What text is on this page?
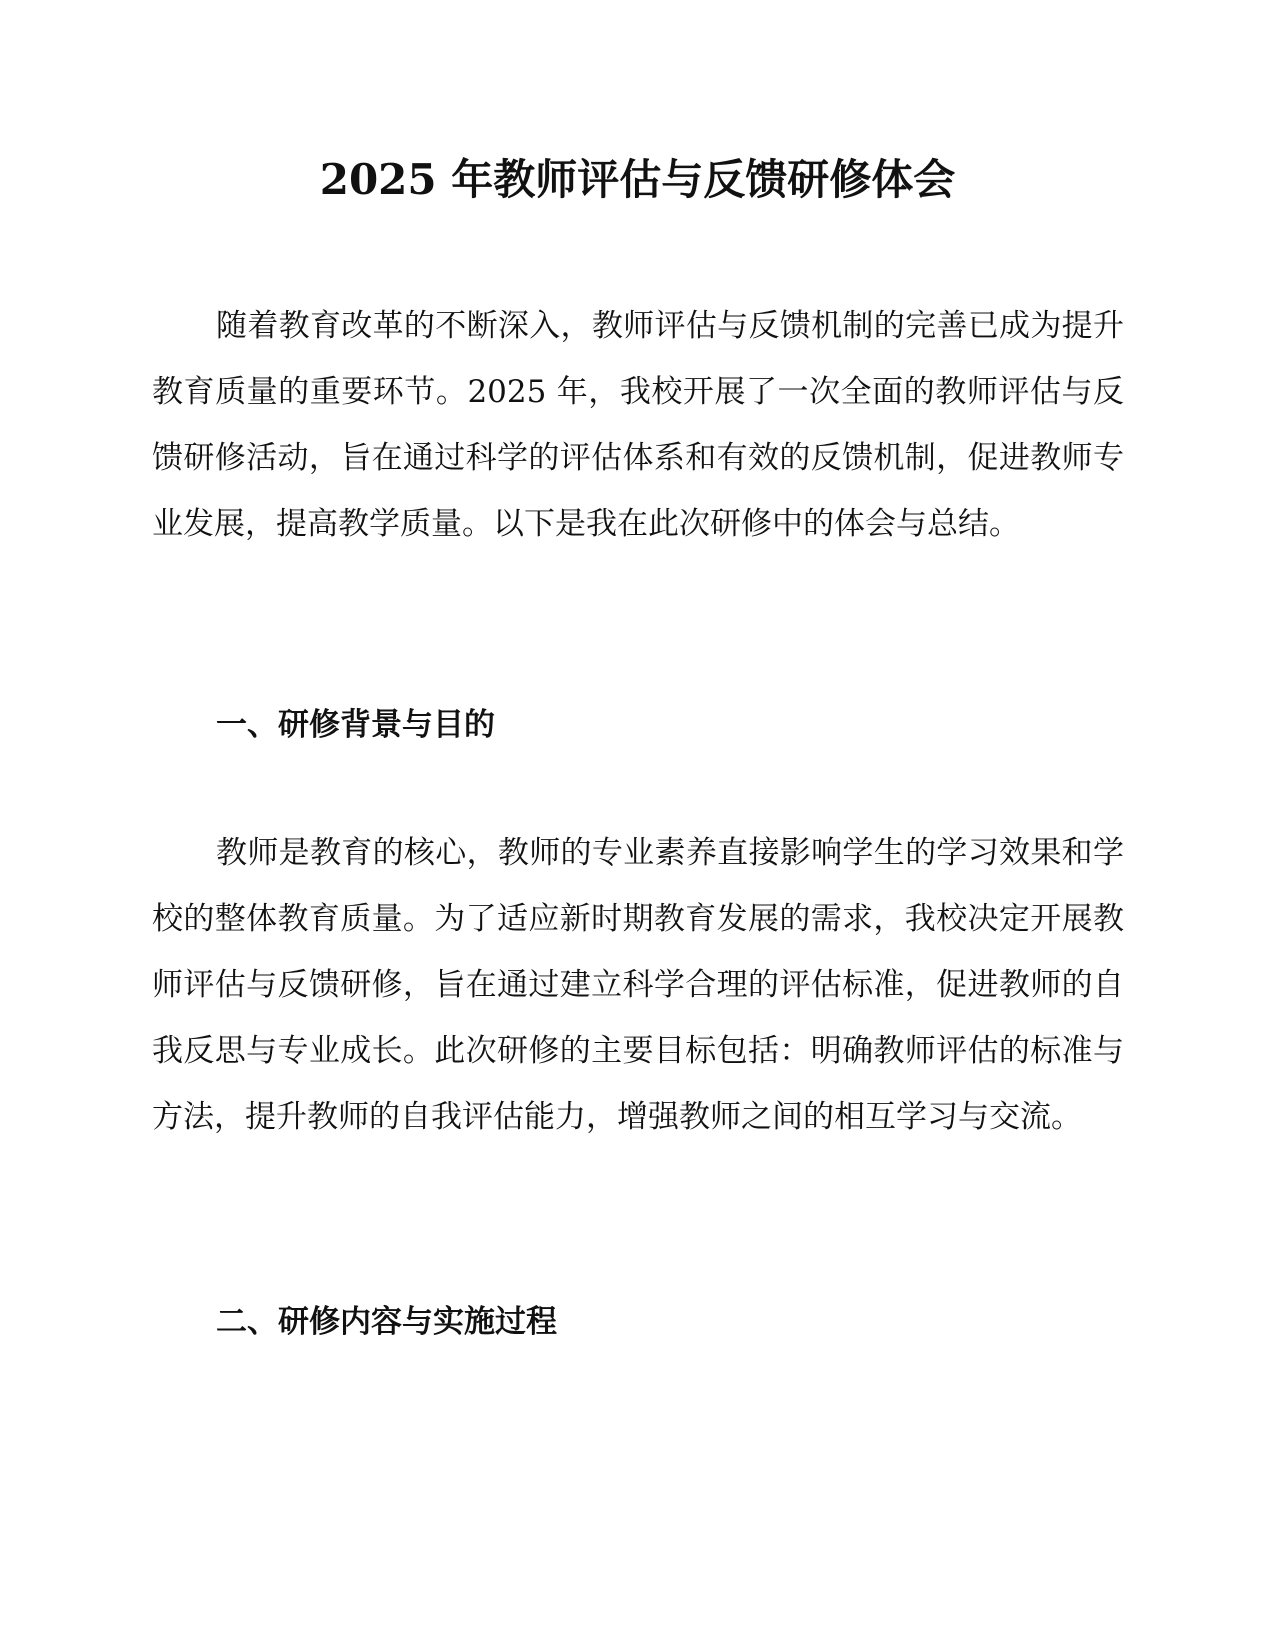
2025 年教师评估与反馈研修体会

随着教育改革的不断深入，教师评估与反馈机制的完善已成为提升教育质量的重要环节。2025 年，我校开展了一次全面的教师评估与反馈研修活动，旨在通过科学的评估体系和有效的反馈机制，促进教师专业发展，提高教学质量。以下是我在此次研修中的体会与总结。

一、研修背景与目的

教师是教育的核心，教师的专业素养直接影响学生的学习效果和学校的整体教育质量。为了适应新时期教育发展的需求，我校决定开展教师评估与反馈研修，旨在通过建立科学合理的评估标准，促进教师的自我反思与专业成长。此次研修的主要目标包括：明确教师评估的标准与方法，提升教师的自我评估能力，增强教师之间的相互学习与交流。

二、研修内容与实施过程
